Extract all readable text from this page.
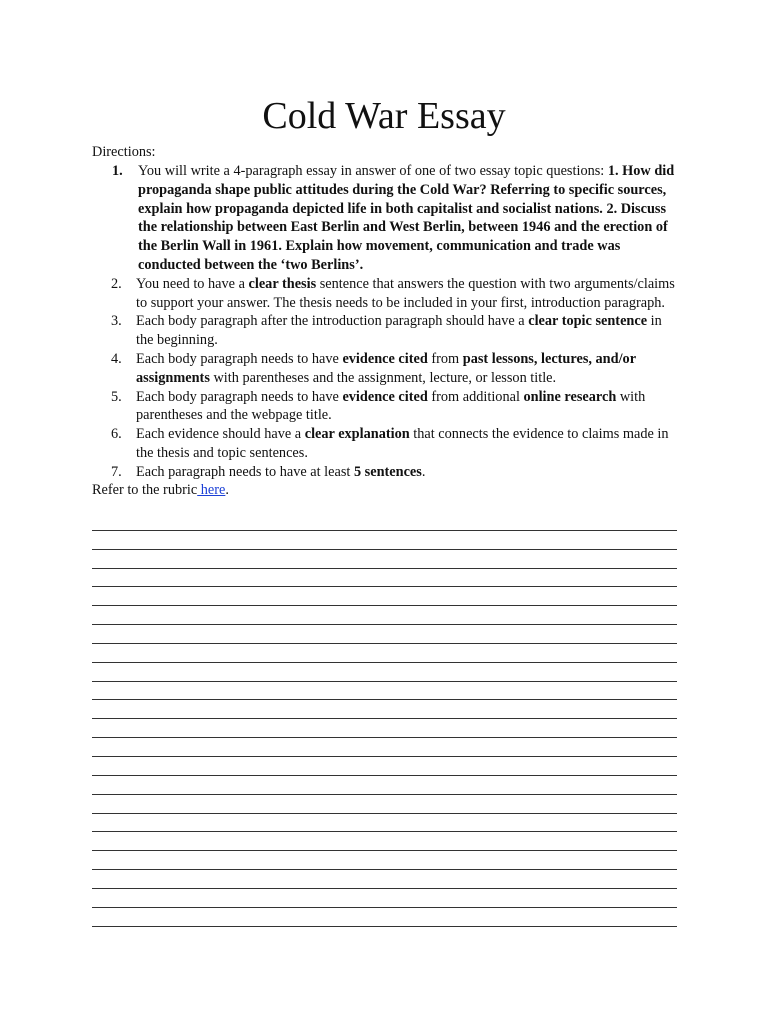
Cold War Essay
Directions:
1. You will write a 4-paragraph essay in answer of one of two essay topic questions: 1. How did propaganda shape public attitudes during the Cold War? Referring to specific sources, explain how propaganda depicted life in both capitalist and socialist nations. 2. Discuss the relationship between East Berlin and West Berlin, between 1946 and the erection of the Berlin Wall in 1961. Explain how movement, communication and trade was conducted between the ‘two Berlins’.
2. You need to have a clear thesis sentence that answers the question with two arguments/claims to support your answer. The thesis needs to be included in your first, introduction paragraph.
3. Each body paragraph after the introduction paragraph should have a clear topic sentence in the beginning.
4. Each body paragraph needs to have evidence cited from past lessons, lectures, and/or assignments with parentheses and the assignment, lecture, or lesson title.
5. Each body paragraph needs to have evidence cited from additional online research with parentheses and the webpage title.
6. Each evidence should have a clear explanation that connects the evidence to claims made in the thesis and topic sentences.
7. Each paragraph needs to have at least 5 sentences.
Refer to the rubric here.
